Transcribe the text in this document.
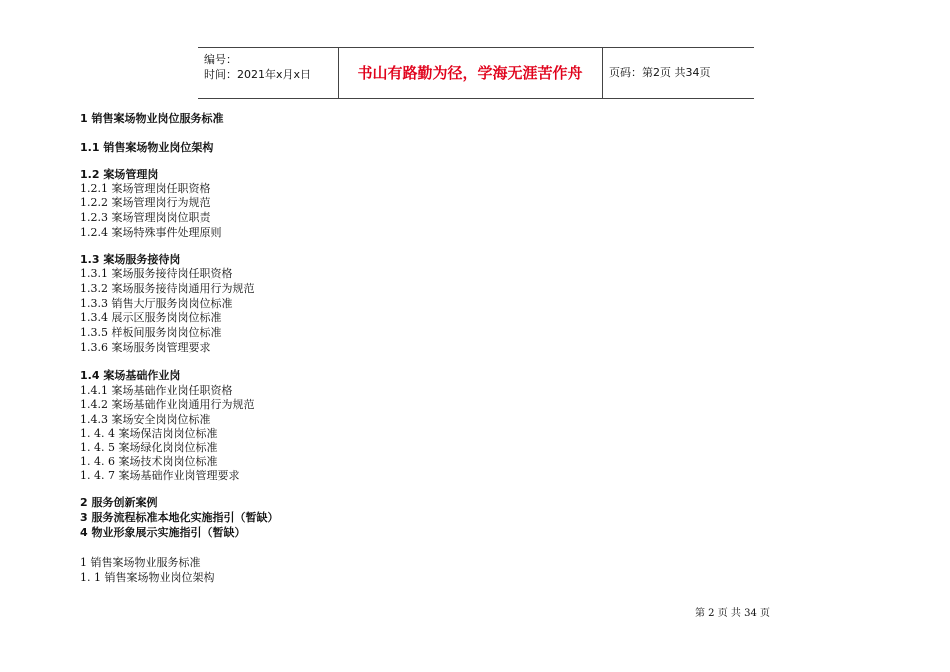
编号：
时间：2021年x月x日	书山有路勤为径，学海无涯苦作舟	页码：第2页 共34页
1 销售案场物业岗位服务标准
1.1 销售案场物业岗位架构
1.2 案场管理岗
1.2.1 案场管理岗任职资格
1.2.2 案场管理岗行为规范
1.2.3 案场管理岗岗位职责
1.2.4 案场特殊事件处理原则
1.3 案场服务接待岗
1.3.1 案场服务接待岗任职资格
1.3.2 案场服务接待岗通用行为规范
1.3.3 销售大厅服务岗岗位标准
1.3.4 展示区服务岗岗位标准
1.3.5 样板间服务岗岗位标准
1.3.6 案场服务岗管理要求
1.4 案场基础作业岗
1.4.1 案场基础作业岗任职资格
1.4.2 案场基础作业岗通用行为规范
1.4.3 案场安全岗岗位标准
1. 4. 4 案场保洁岗岗位标准
1. 4. 5 案场绿化岗岗位标准
1. 4. 6 案场技术岗岗位标准
1. 4. 7 案场基础作业岗管理要求
2 服务创新案例
3 服务流程标准本地化实施指引（暂缺）
4 物业形象展示实施指引（暂缺）
1 销售案场物业服务标准
1. 1 销售案场物业岗位架构
第 2 页 共 34 页
